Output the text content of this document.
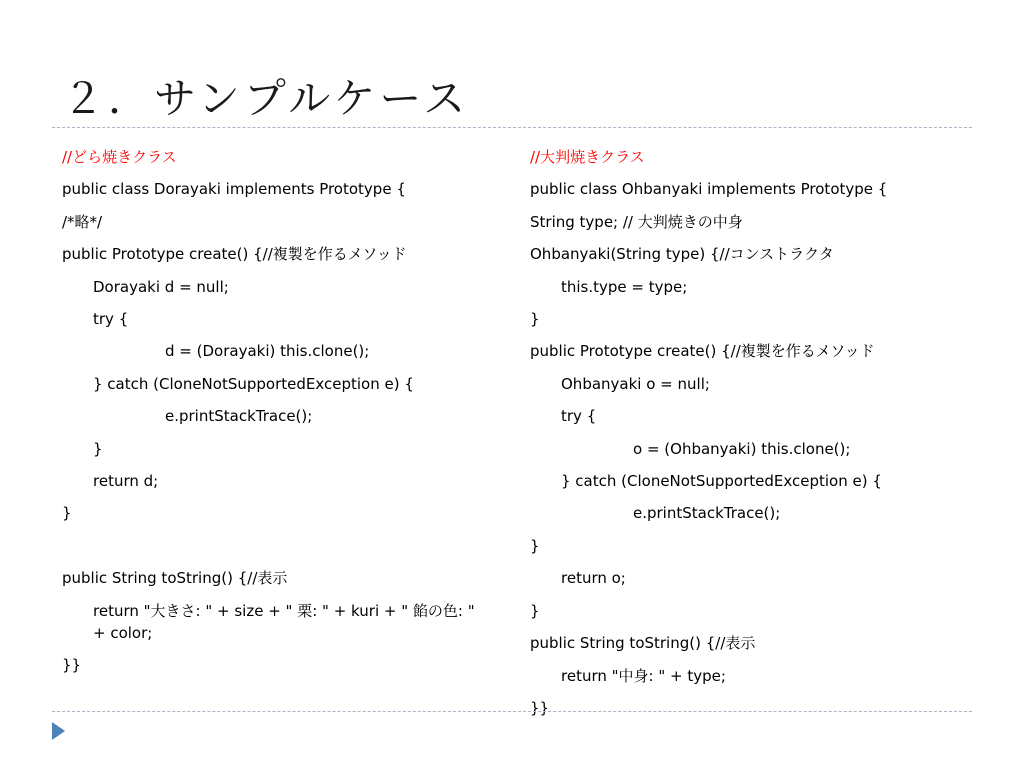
２．サンプルケース
//どら焼きクラス
public class Dorayaki implements Prototype {
/*略*/
public Prototype create() {//複製を作るメソッド
Dorayaki d = null;
try {
d = (Dorayaki) this.clone();
} catch (CloneNotSupportedException e) {
e.printStackTrace();
}
return d;
}
public String toString() {//表示
return "大きさ: " + size + " 栗: " + kuri + " 餡の色: " + color;
}}
//大判焼きクラス
public class Ohbanyaki implements Prototype {
String type; // 大判焼きの中身
Ohbanyaki(String type) {//コンストラクタ
this.type = type;
}
public Prototype create() {//複製を作るメソッド
Ohbanyaki o = null;
try {
o = (Ohbanyaki) this.clone();
} catch (CloneNotSupportedException e) {
e.printStackTrace();
}
return o;
}
public String toString() {//表示
return "中身: " + type;
}}
